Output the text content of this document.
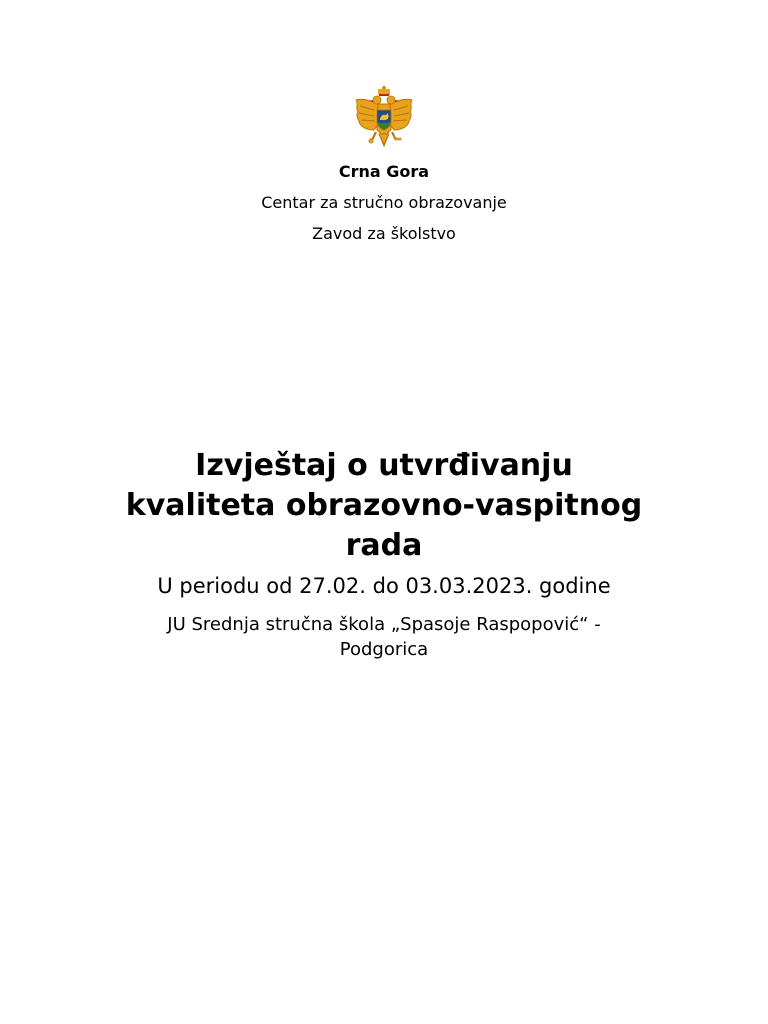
Crna Gora
Centar za stručno obrazovanje
Zavod za školstvo
Izvještaj o utvrđivanju
kvaliteta obrazovno-vaspitnog
rada
U periodu od 27.02. do 03.03.2023. godine
JU Srednja stručna škola „Spasoje Raspopović“ -
Podgorica
